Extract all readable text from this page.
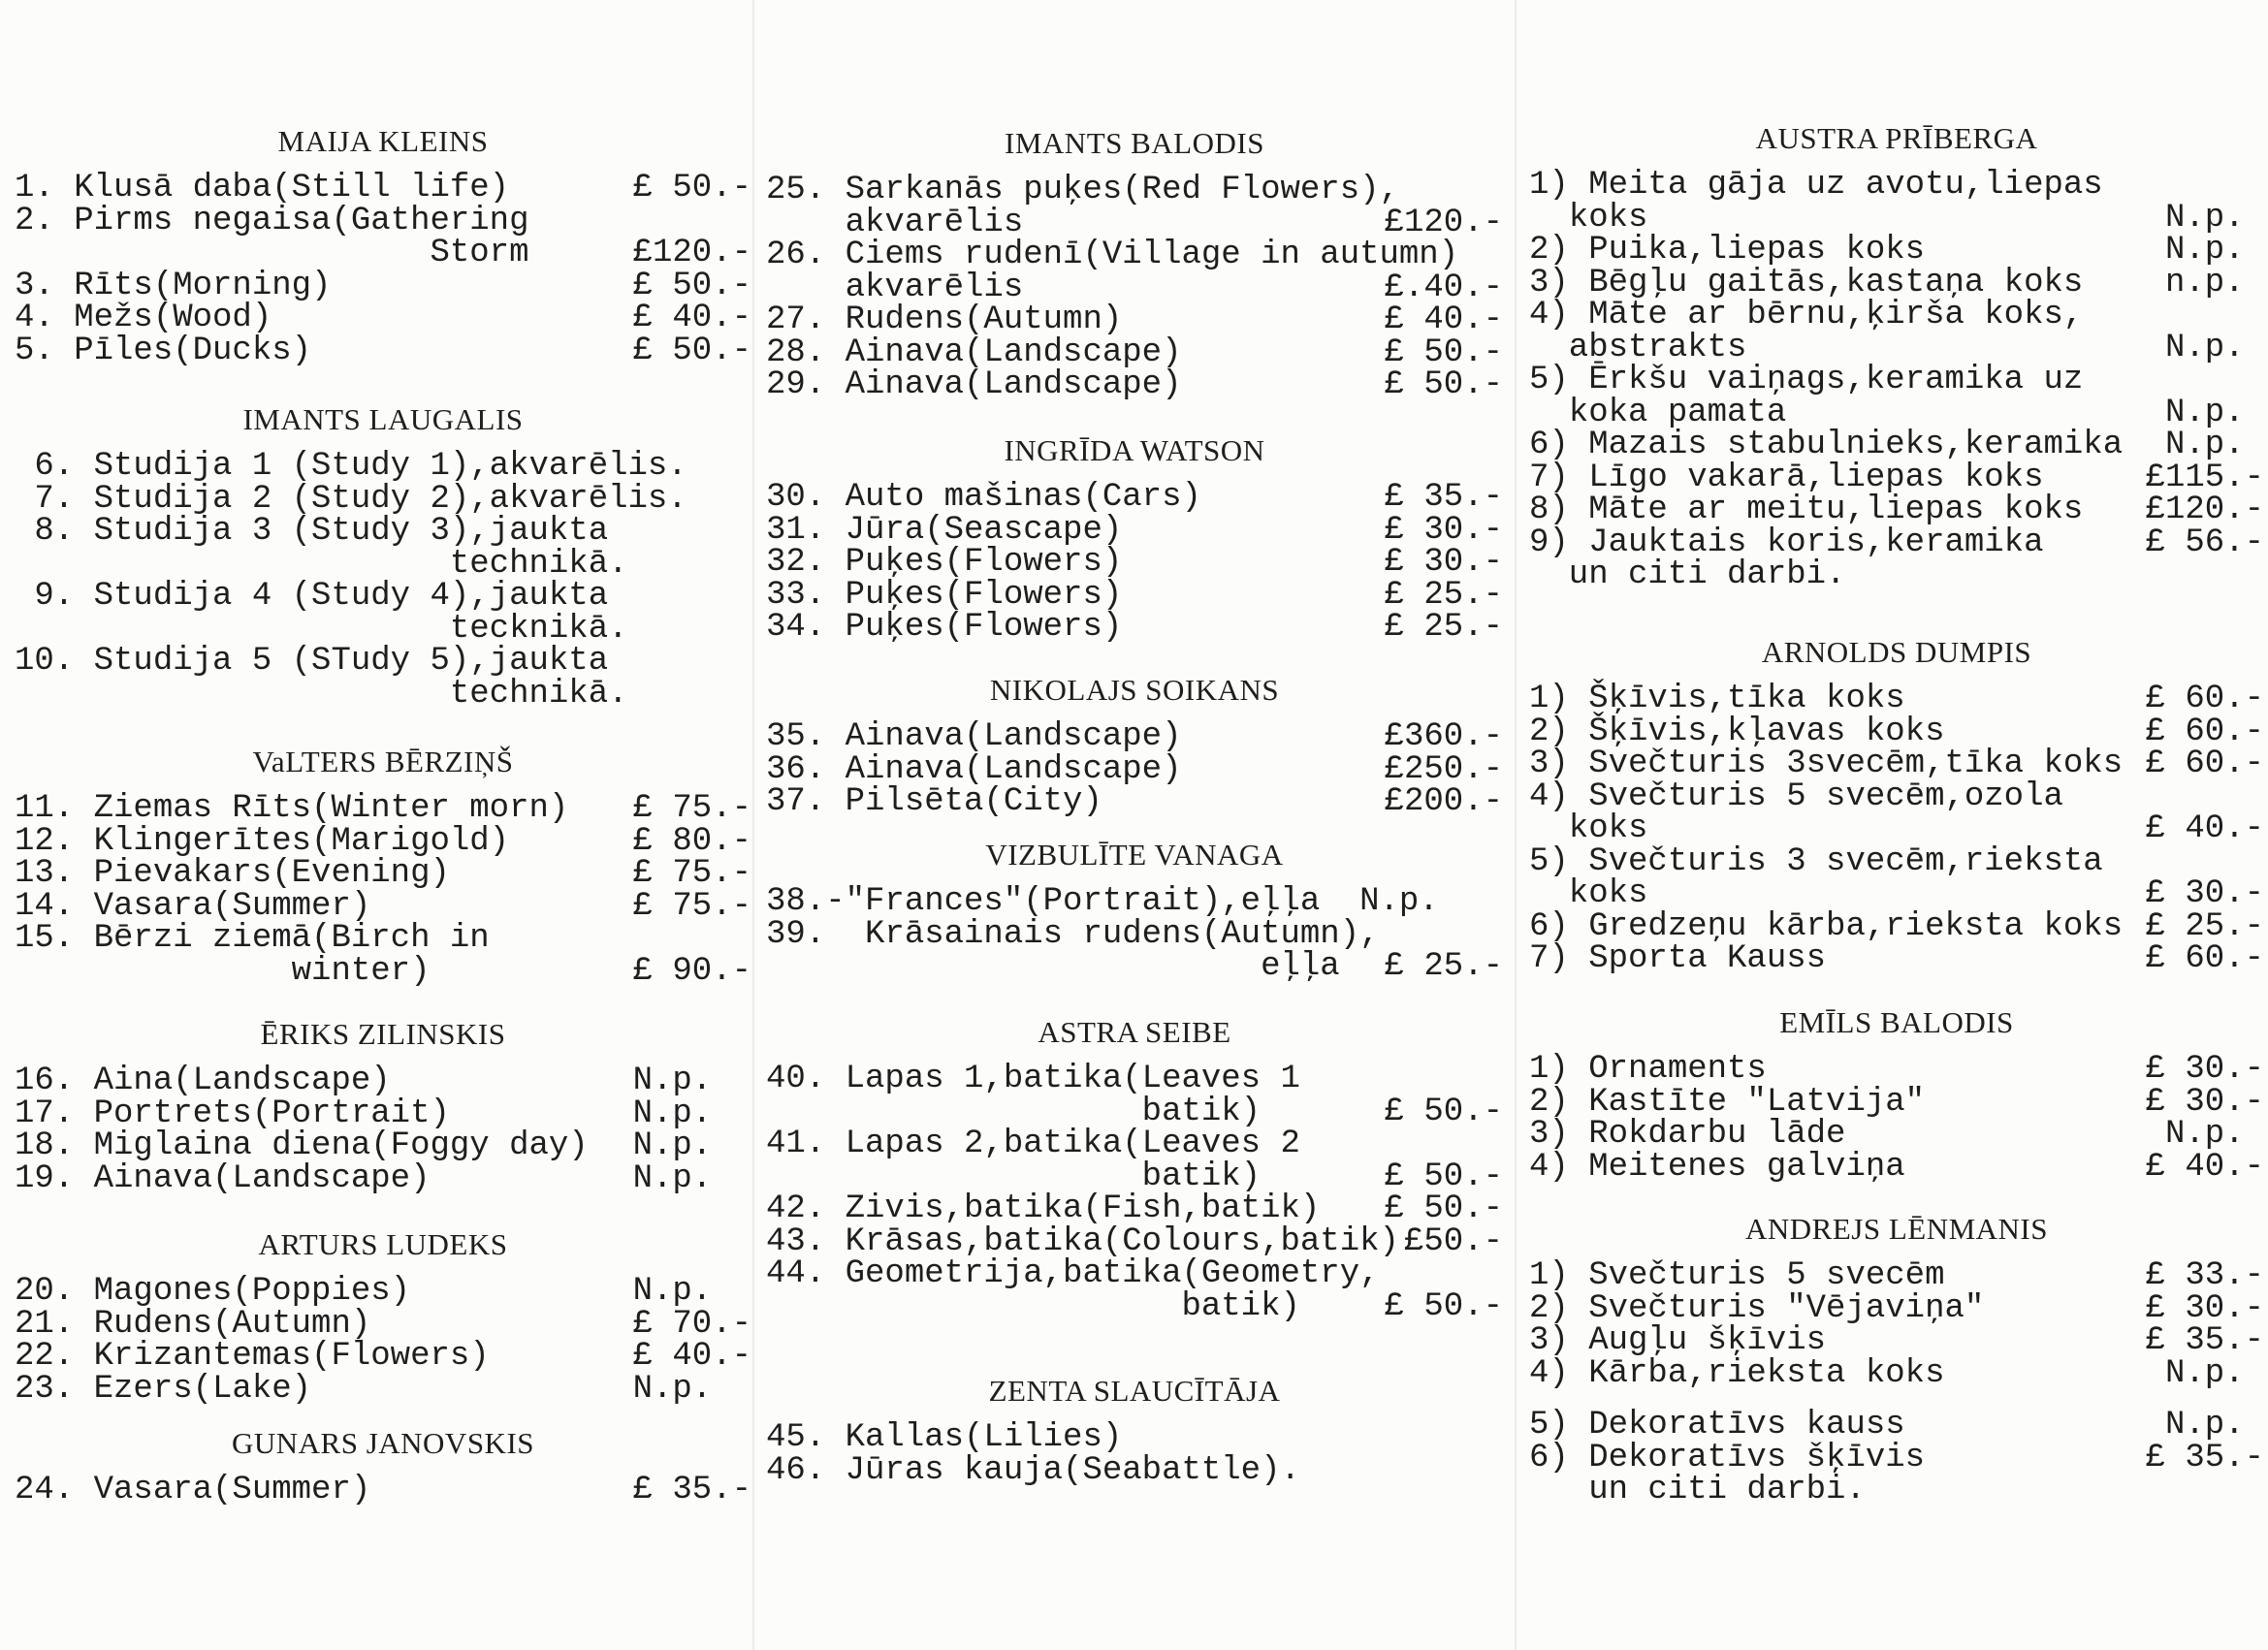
MAIJA KLEINS
1. Klusā daba(Still life)	£ 50.-
2. Pirms negaisa(Gathering
Storm	£120.-
3. Rīts(Morning)	£ 50.-
4. Mežs(Wood)	£ 40.-
5. Pīles(Ducks)	£ 50.-
IMANTS LAUGALIS
6. Studija 1 (Study 1),akvarēlis.
7. Studija 2 (Study 2),akvarēlis.
8. Studija 3 (Study 3),jaukta
technikā.
9. Studija 4 (Study 4),jaukta
tecknikā.
10. Studija 5 (STudy 5),jaukta
technikā.
VaLTERS BĒRZIŅŠ
11. Ziemas Rīts(Winter morn) £ 75.-
12. Klingerītes(Marigold)	£ 80.-
13. Pievakars(Evening)	£ 75.-
14. Vasara(Summer)	£ 75.-
15. Bērzi ziemā(Birch in
winter)	£ 90.-
ĒRIKS ZILINSKIS
16. Aina(Landscape)	N.p.
17. Portrets(Portrait)	N.p.
18. Miglaina diena(Foggy day) N.p.
19. Ainava(Landscape)	N.p.
ARTURS LUDEKS
20. Magones(Poppies)	N.p.
21. Rudens(Autumn)	£ 70.-
22. Krizantemas(Flowers)	£ 40.-
23. Ezers(Lake)	N.p.
GUNARS JANOVSKIS
24. Vasara(Summer)	£ 35.-
IMANTS BALODIS
25. Sarkanās puķes(Red Flowers),
akvarēlis	£120.-
26. Ciems rudenī(Village in autumn)
akvarēlis	£.40.-
27. Rudens(Autumn)	£ 40.-
28. Ainava(Landscape)	£ 50.-
29. Ainava(Landscape)	£ 50.-
INGRĪDA WATSON
30. Auto mašinas(Cars)	£ 35.-
31. Jūra(Seascape)	£ 30.-
32. Puķes(Flowers)	£ 30.-
33. Puķes(Flowers)	£ 25.-
34. Puķes(Flowers)	£ 25.-
NIKOLAJS SOIKANS
35. Ainava(Landscape)	£360.-
36. Ainava(Landscape)	£250.-
37. Pilsēta(City)	£200.-
VIZBULĪTE VANAGA
38.-"Frances"(Portrait),eļļa  N.p.
39.  Krāsainais rudens(Autumn),
eļļa £ 25.-
ASTRA SEIBE
40. Lapas 1,batika(Leaves 1
batik)	£ 50.-
41. Lapas 2,batika(Leaves 2
batik)	£ 50.-
42. Zivis,batika(Fish,batik) £ 50.-
43. Krāsas,batika(Colours,batik) £50.-
44. Geometrija,batika(Geometry,
batik)	£ 50.-
ZENTA SLAUCĪTĀJA
45. Kallas(Lilies)
46. Jūras kauja(Seabattle).
AUSTRA PRĪBERGA
1) Meita gāja uz avotu,liepas
koks	N.p.
2) Puika,liepas koks	N.p.
3) Bēgļu gaitās,kastaņa koks n.p.
4) Māte ar bērnu,ķirša koks,
abstrakts	N.p.
5) Ērkšu vaiņags,keramika uz
koka pamata	N.p.
6) Mazais stabulnieks,keramika N.p.
7) Līgo vakarā,liepas koks	£115.-
8) Māte ar meitu,liepas koks £120.-
9) Jauktais koris,keramika	£ 56.-
un citi darbi.
ARNOLDS DUMPIS
1) Šķīvis,tīka koks	£ 60.-
2) Šķīvis,kļavas koks	£ 60.-
3) Svečturis 3svecēm,tīka koks £ 60.-
4) Svečturis 5 svecēm,ozola
koks	£ 40.-
5) Svečturis 3 svecēm,rieksta
koks	£ 30.-
6) Gredzeņu kārba,rieksta koks £ 25.-
7) Sporta Kauss	£ 60.-
EMĪLS BALODIS
1) Ornaments	£ 30.-
2) Kastīte "Latvija"	£ 30.-
3) Rokdarbu lāde	N.p.
4) Meitenes galviņa	£ 40.-
ANDREJS LĒNMANIS
1) Svečturis 5 svecēm	£ 33.-
2) Svečturis "Vējaviņa"	£ 30.-
3) Augļu šķīvis	£ 35.-
4) Kārba,rieksta koks	N.p.
5) Dekoratīvs kauss	N.p.
6) Dekoratīvs šķīvis	£ 35.-
un citi darbi.
